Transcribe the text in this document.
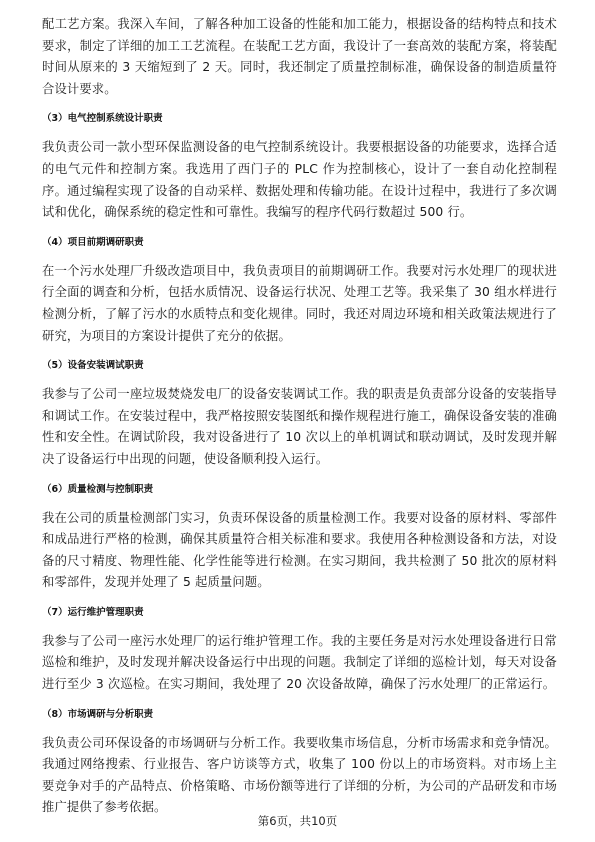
配工艺方案。我深入车间，了解各种加工设备的性能和加工能力，根据设备的结构特点和技术要求，制定了详细的加工工艺流程。在装配工艺方面，我设计了一套高效的装配方案，将装配时间从原来的 3 天缩短到了 2 天。同时，我还制定了质量控制标准，确保设备的制造质量符合设计要求。

（3）电气控制系统设计职责

我负责公司一款小型环保监测设备的电气控制系统设计。我要根据设备的功能要求，选择合适的电气元件和控制方案。我选用了西门子的 PLC 作为控制核心，设计了一套自动化控制程序。通过编程实现了设备的自动采样、数据处理和传输功能。在设计过程中，我进行了多次调试和优化，确保系统的稳定性和可靠性。我编写的程序代码行数超过 500 行。

（4）项目前期调研职责

在一个污水处理厂升级改造项目中，我负责项目的前期调研工作。我要对污水处理厂的现状进行全面的调查和分析，包括水质情况、设备运行状况、处理工艺等。我采集了 30 组水样进行检测分析，了解了污水的水质特点和变化规律。同时，我还对周边环境和相关政策法规进行了研究，为项目的方案设计提供了充分的依据。

（5）设备安装调试职责

我参与了公司一座垃圾焚烧发电厂的设备安装调试工作。我的职责是负责部分设备的安装指导和调试工作。在安装过程中，我严格按照安装图纸和操作规程进行施工，确保设备安装的准确性和安全性。在调试阶段，我对设备进行了 10 次以上的单机调试和联动调试，及时发现并解决了设备运行中出现的问题，使设备顺利投入运行。

（6）质量检测与控制职责

我在公司的质量检测部门实习，负责环保设备的质量检测工作。我要对设备的原材料、零部件和成品进行严格的检测，确保其质量符合相关标准和要求。我使用各种检测设备和方法，对设备的尺寸精度、物理性能、化学性能等进行检测。在实习期间，我共检测了 50 批次的原材料和零部件，发现并处理了 5 起质量问题。

（7）运行维护管理职责

我参与了公司一座污水处理厂的运行维护管理工作。我的主要任务是对污水处理设备进行日常巡检和维护，及时发现并解决设备运行中出现的问题。我制定了详细的巡检计划，每天对设备进行至少 3 次巡检。在实习期间，我处理了 20 次设备故障，确保了污水处理厂的正常运行。

（8）市场调研与分析职责

我负责公司环保设备的市场调研与分析工作。我要收集市场信息，分析市场需求和竞争情况。我通过网络搜索、行业报告、客户访谈等方式，收集了 100 份以上的市场资料。对市场上主要竞争对手的产品特点、价格策略、市场份额等进行了详细的分析，为公司的产品研发和市场推广提供了参考依据。

第6页，共10页
